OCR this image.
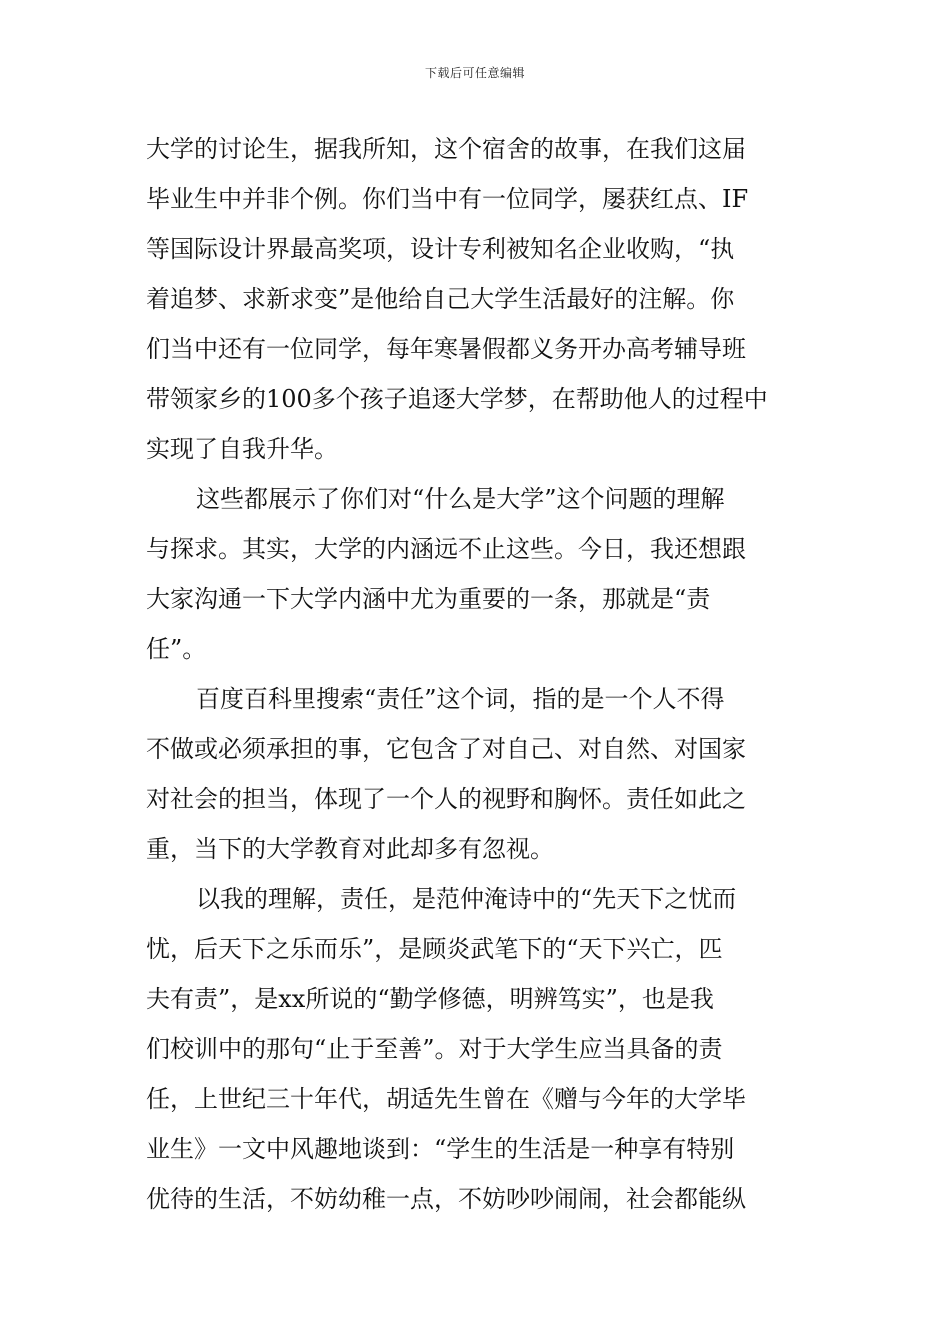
下载后可任意编辑
大学的讨论生，据我所知，这个宿舍的故事，在我们这届
毕业生中并非个例。你们当中有一位同学，屡获红点、IF
等国际设计界最高奖项，设计专利被知名企业收购，“执
着追梦、求新求变”是他给自己大学生活最好的注解。你
们当中还有一位同学，每年寒暑假都义务开办高考辅导班
带领家乡的100多个孩子追逐大学梦，在帮助他人的过程中
实现了自我升华。
这些都展示了你们对“什么是大学”这个问题的理解
与探求。其实，大学的内涵远不止这些。今日，我还想跟
大家沟通一下大学内涵中尤为重要的一条，那就是“责
任”。
百度百科里搜索“责任”这个词，指的是一个人不得
不做或必须承担的事，它包含了对自己、对自然、对国家
对社会的担当，体现了一个人的视野和胸怀。责任如此之
重，当下的大学教育对此却多有忽视。
以我的理解，责任，是范仲淹诗中的“先天下之忧而
忧，后天下之乐而乐”，是顾炎武笔下的“天下兴亡，匹
夫有责”，是xx所说的“勤学修德，明辨笃实”，也是我
们校训中的那句“止于至善”。对于大学生应当具备的责
任，上世纪三十年代，胡适先生曾在《赠与今年的大学毕
业生》一文中风趣地谈到：“学生的生活是一种享有特别
优待的生活，不妨幼稚一点，不妨吵吵闹闹，社会都能纵
